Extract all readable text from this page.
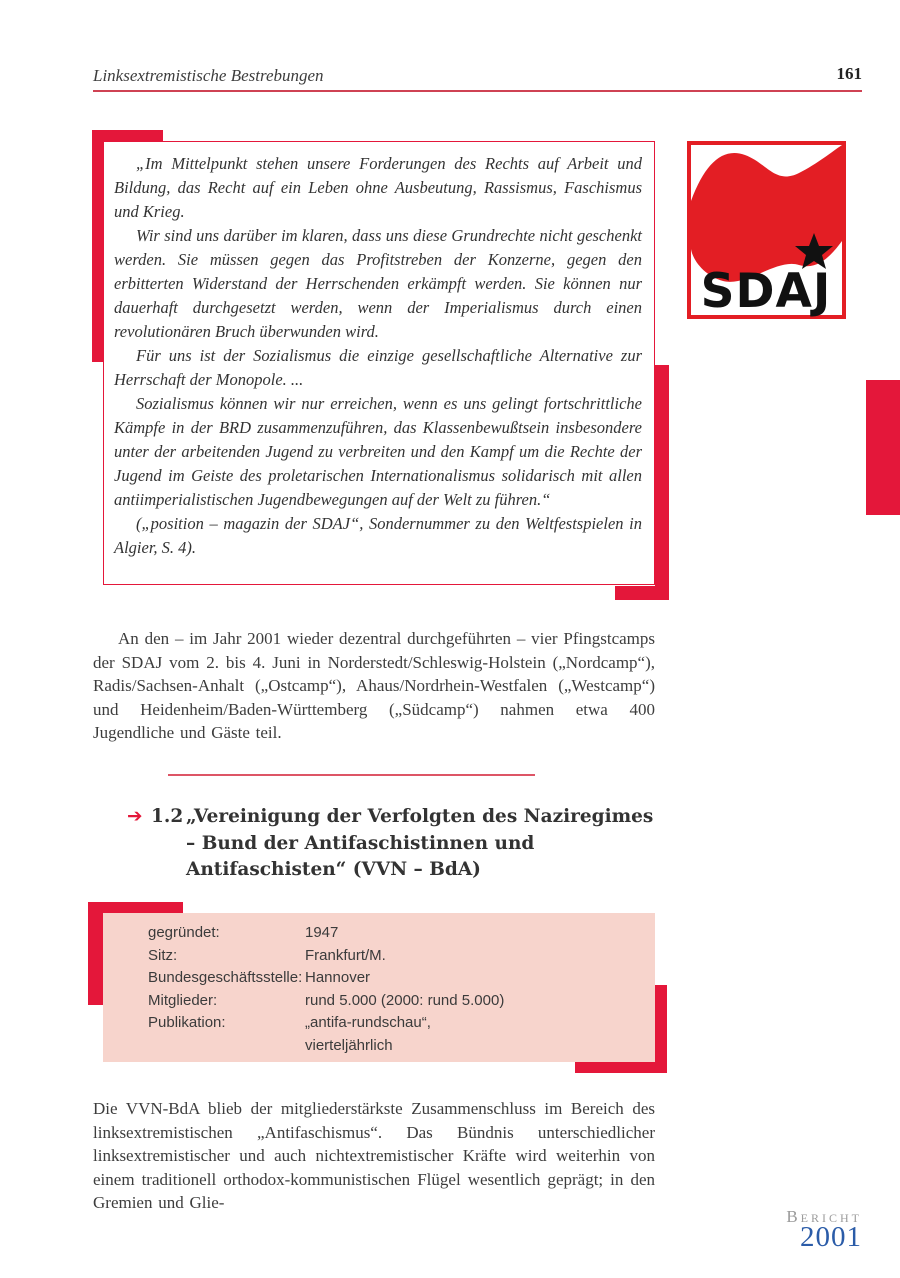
Linksextremistische Bestrebungen	161

„Im Mittelpunkt stehen unsere Forderungen des Rechts auf Arbeit und Bildung, das Recht auf ein Leben ohne Ausbeutung, Rassismus, Faschismus und Krieg.

Wir sind uns darüber im klaren, dass uns diese Grundrechte nicht geschenkt werden. Sie müssen gegen das Profitstreben der Konzerne, gegen den erbitterten Widerstand der Herrschenden erkämpft werden. Sie können nur dauerhaft durchgesetzt werden, wenn der Imperialismus durch einen revolutionären Bruch überwunden wird.

Für uns ist der Sozialismus die einzige gesellschaftliche Alternative zur Herrschaft der Monopole. ...

Sozialismus können wir nur erreichen, wenn es uns gelingt fortschrittliche Kämpfe in der BRD zusammenzuführen, das Klassenbewußtsein insbesondere unter der arbeitenden Jugend zu verbreiten und den Kampf um die Rechte der Jugend im Geiste des proletarischen Internationalismus solidarisch mit allen antiimperialistischen Jugendbewegungen auf der Welt zu führen.“

(„position – magazin der SDAJ“, Sondernummer zu den Weltfestspielen in Algier, S. 4).

SDAJ

An den – im Jahr 2001 wieder dezentral durchgeführten – vier Pfingstcamps der SDAJ vom 2. bis 4. Juni in Norderstedt/Schleswig-Holstein („Nordcamp“), Radis/Sachsen-Anhalt („Ostcamp“), Ahaus/Nordrhein-Westfalen („Westcamp“) und Heidenheim/Baden-Württemberg („Südcamp“) nahmen etwa 400 Jugendliche und Gäste teil.

➔ 1.2 „Vereinigung der Verfolgten des Naziregimes – Bund der Antifaschistinnen und Antifaschisten“ (VVN – BdA)
gegründet:	1947
Sitz:	Frankfurt/M.
Bundesgeschäftsstelle: Hannover
Mitglieder:	rund 5.000 (2000: rund 5.000)
Publikation:	„antifa-rundschau“,
vierteljährlich

Die VVN-BdA blieb der mitgliederstärkste Zusammenschluss im Bereich des linksextremistischen „Antifaschismus“. Das Bündnis unterschiedlicher linksextremistischer und auch nichtextremistischer Kräfte wird weiterhin von einem traditionell orthodox-kommunistischen Flügel wesentlich geprägt; in den Gremien und Glie-

Bericht
2001
